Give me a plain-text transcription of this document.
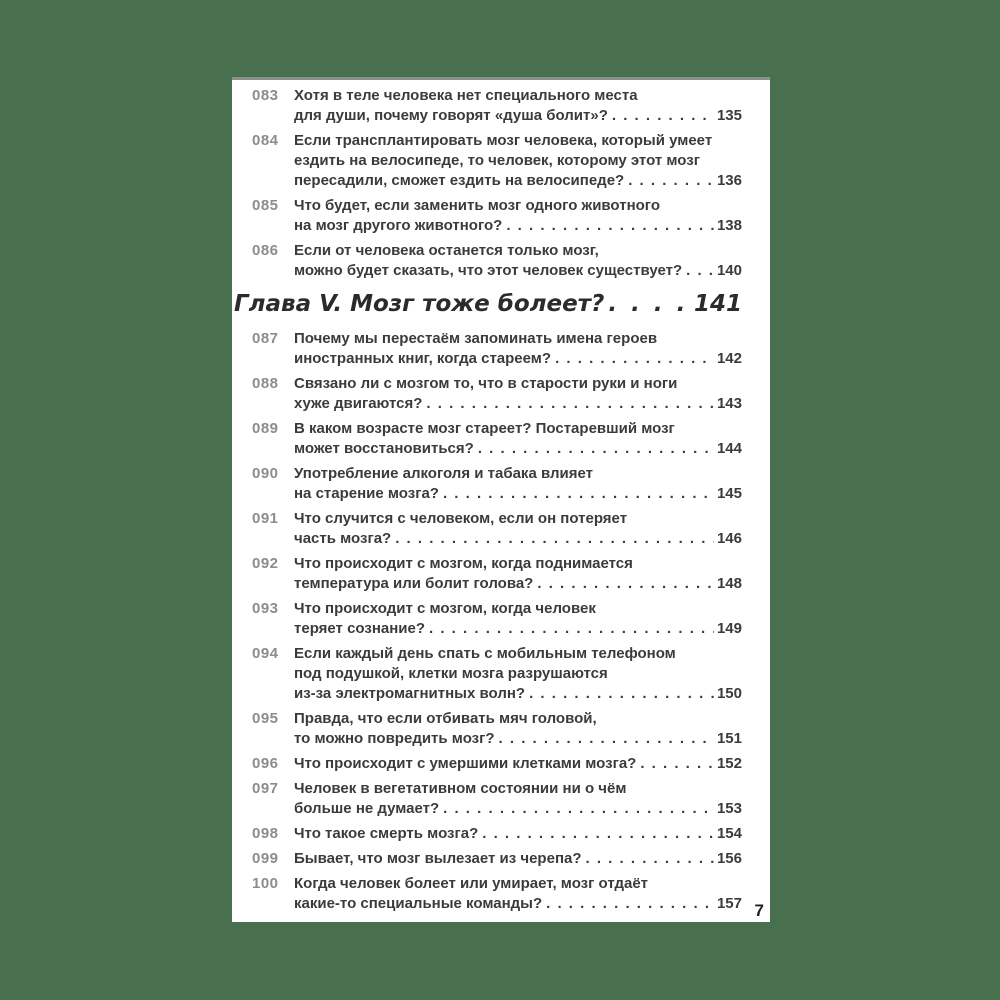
083	Хотя в теле человека нет специального места
для души, почему говорят «душа болит»? . . .	135
084	Если трансплантировать мозг человека, который умеет
ездить на велосипеде, то человек, которому этот мозг
пересадили, сможет ездить на велосипеде? . . .	136
085	Что будет, если заменить мозг одного животного
на мозг другого животного? . . .	138
086	Если от человека останется только мозг,
можно будет сказать, что этот человек существует? . . . 140
Глава V. Мозг тоже болеет? . . .	141
087	Почему мы перестаём запоминать имена героев
иностранных книг, когда стареем? . . .	142
088	Связано ли с мозгом то, что в старости руки и ноги
хуже двигаются? . . .	143
089	В каком возрасте мозг стареет? Постаревший мозг
может восстановиться? . . .	144
090	Употребление алкоголя и табака влияет
на старение мозга? . . .	145
091	Что случится с человеком, если он потеряет
часть мозга? . . .	146
092	Что происходит с мозгом, когда поднимается
температура или болит голова? . . .	148
093	Что происходит с мозгом, когда человек
теряет сознание? . . .	149
094	Если каждый день спать с мобильным телефоном
под подушкой, клетки мозга разрушаются
из-за электромагнитных волн? . . .	150
095	Правда, что если отбивать мяч головой,
то можно повредить мозг? . . .	151
096	Что происходит с умершими клетками мозга? . . .	152
097	Человек в вегетативном состоянии ни о чём
больше не думает? . . .	153
098	Что такое смерть мозга? . . .	154
099	Бывает, что мозг вылезает из черепа? . . .	156
100	Когда человек болеет или умирает, мозг отдаёт
какие-то специальные команды? . . .	157 7
